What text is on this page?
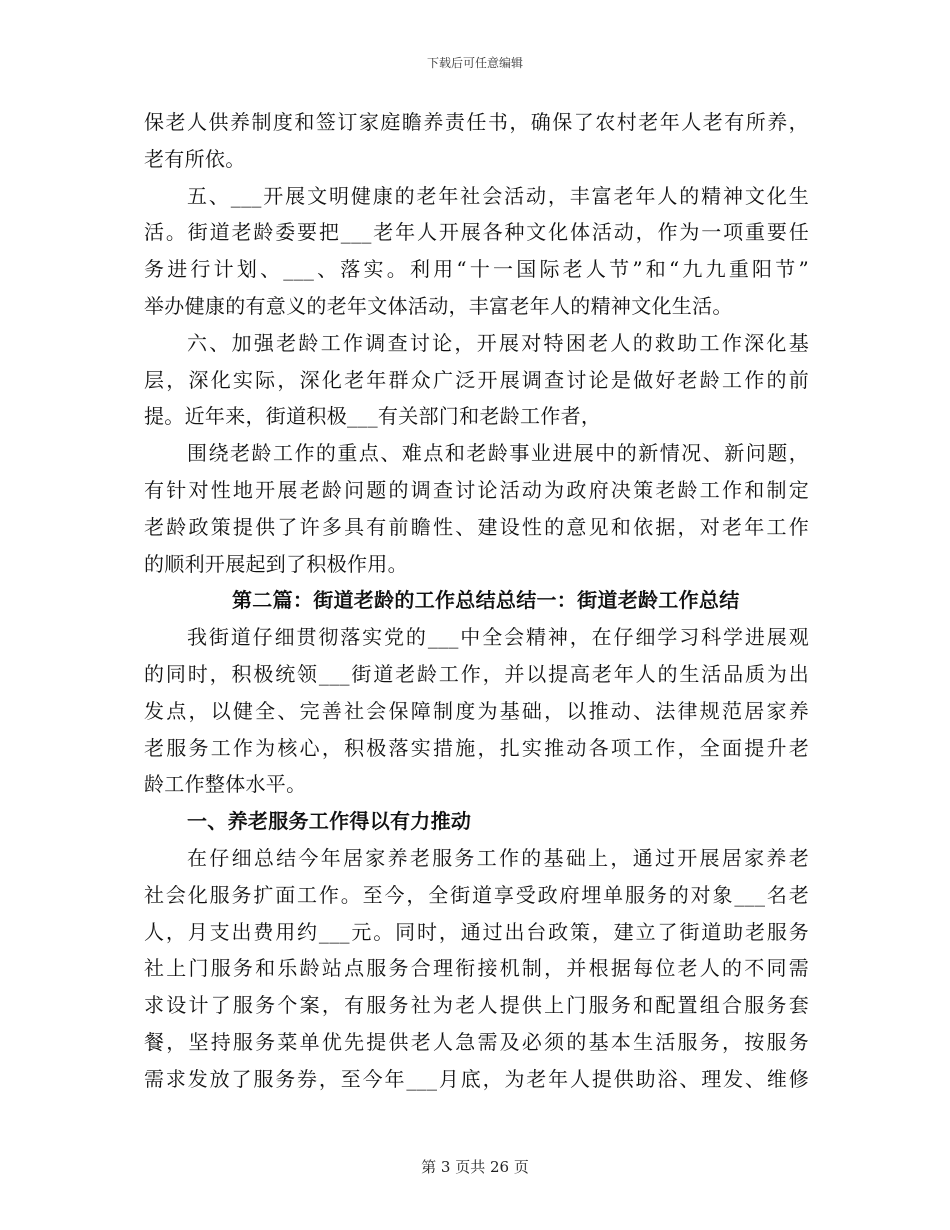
下载后可任意编辑
保老人供养制度和签订家庭瞻养责任书，确保了农村老年人老有所养，
老有所依。
五、___开展文明健康的老年社会活动，丰富老年人的精神文化生
活。街道老龄委要把___老年人开展各种文化体活动，作为一项重要任
务进行计划、___、落实。利用“十一国际老人节”和“九九重阳节”
举办健康的有意义的老年文体活动，丰富老年人的精神文化生活。
六、加强老龄工作调查讨论，开展对特困老人的救助工作深化基
层，深化实际，深化老年群众广泛开展调查讨论是做好老龄工作的前
提。近年来，街道积极___有关部门和老龄工作者，
围绕老龄工作的重点、难点和老龄事业进展中的新情况、新问题，
有针对性地开展老龄问题的调查讨论活动为政府决策老龄工作和制定
老龄政策提供了许多具有前瞻性、建设性的意见和依据，对老年工作
的顺利开展起到了积极作用。
第二篇：街道老龄的工作总结总结一：街道老龄工作总结
我街道仔细贯彻落实党的___中全会精神，在仔细学习科学进展观
的同时，积极统领___街道老龄工作，并以提高老年人的生活品质为出
发点，以健全、完善社会保障制度为基础，以推动、法律规范居家养
老服务工作为核心，积极落实措施，扎实推动各项工作，全面提升老
龄工作整体水平。
一、养老服务工作得以有力推动
在仔细总结今年居家养老服务工作的基础上，通过开展居家养老
社会化服务扩面工作。至今，全街道享受政府埋单服务的对象___名老
人，月支出费用约___元。同时，通过出台政策，建立了街道助老服务
社上门服务和乐龄站点服务合理衔接机制，并根据每位老人的不同需
求设计了服务个案，有服务社为老人提供上门服务和配置组合服务套
餐，坚持服务菜单优先提供老人急需及必须的基本生活服务，按服务
需求发放了服务券，至今年___月底，为老年人提供助浴、理发、维修
第 3 页共 26 页
